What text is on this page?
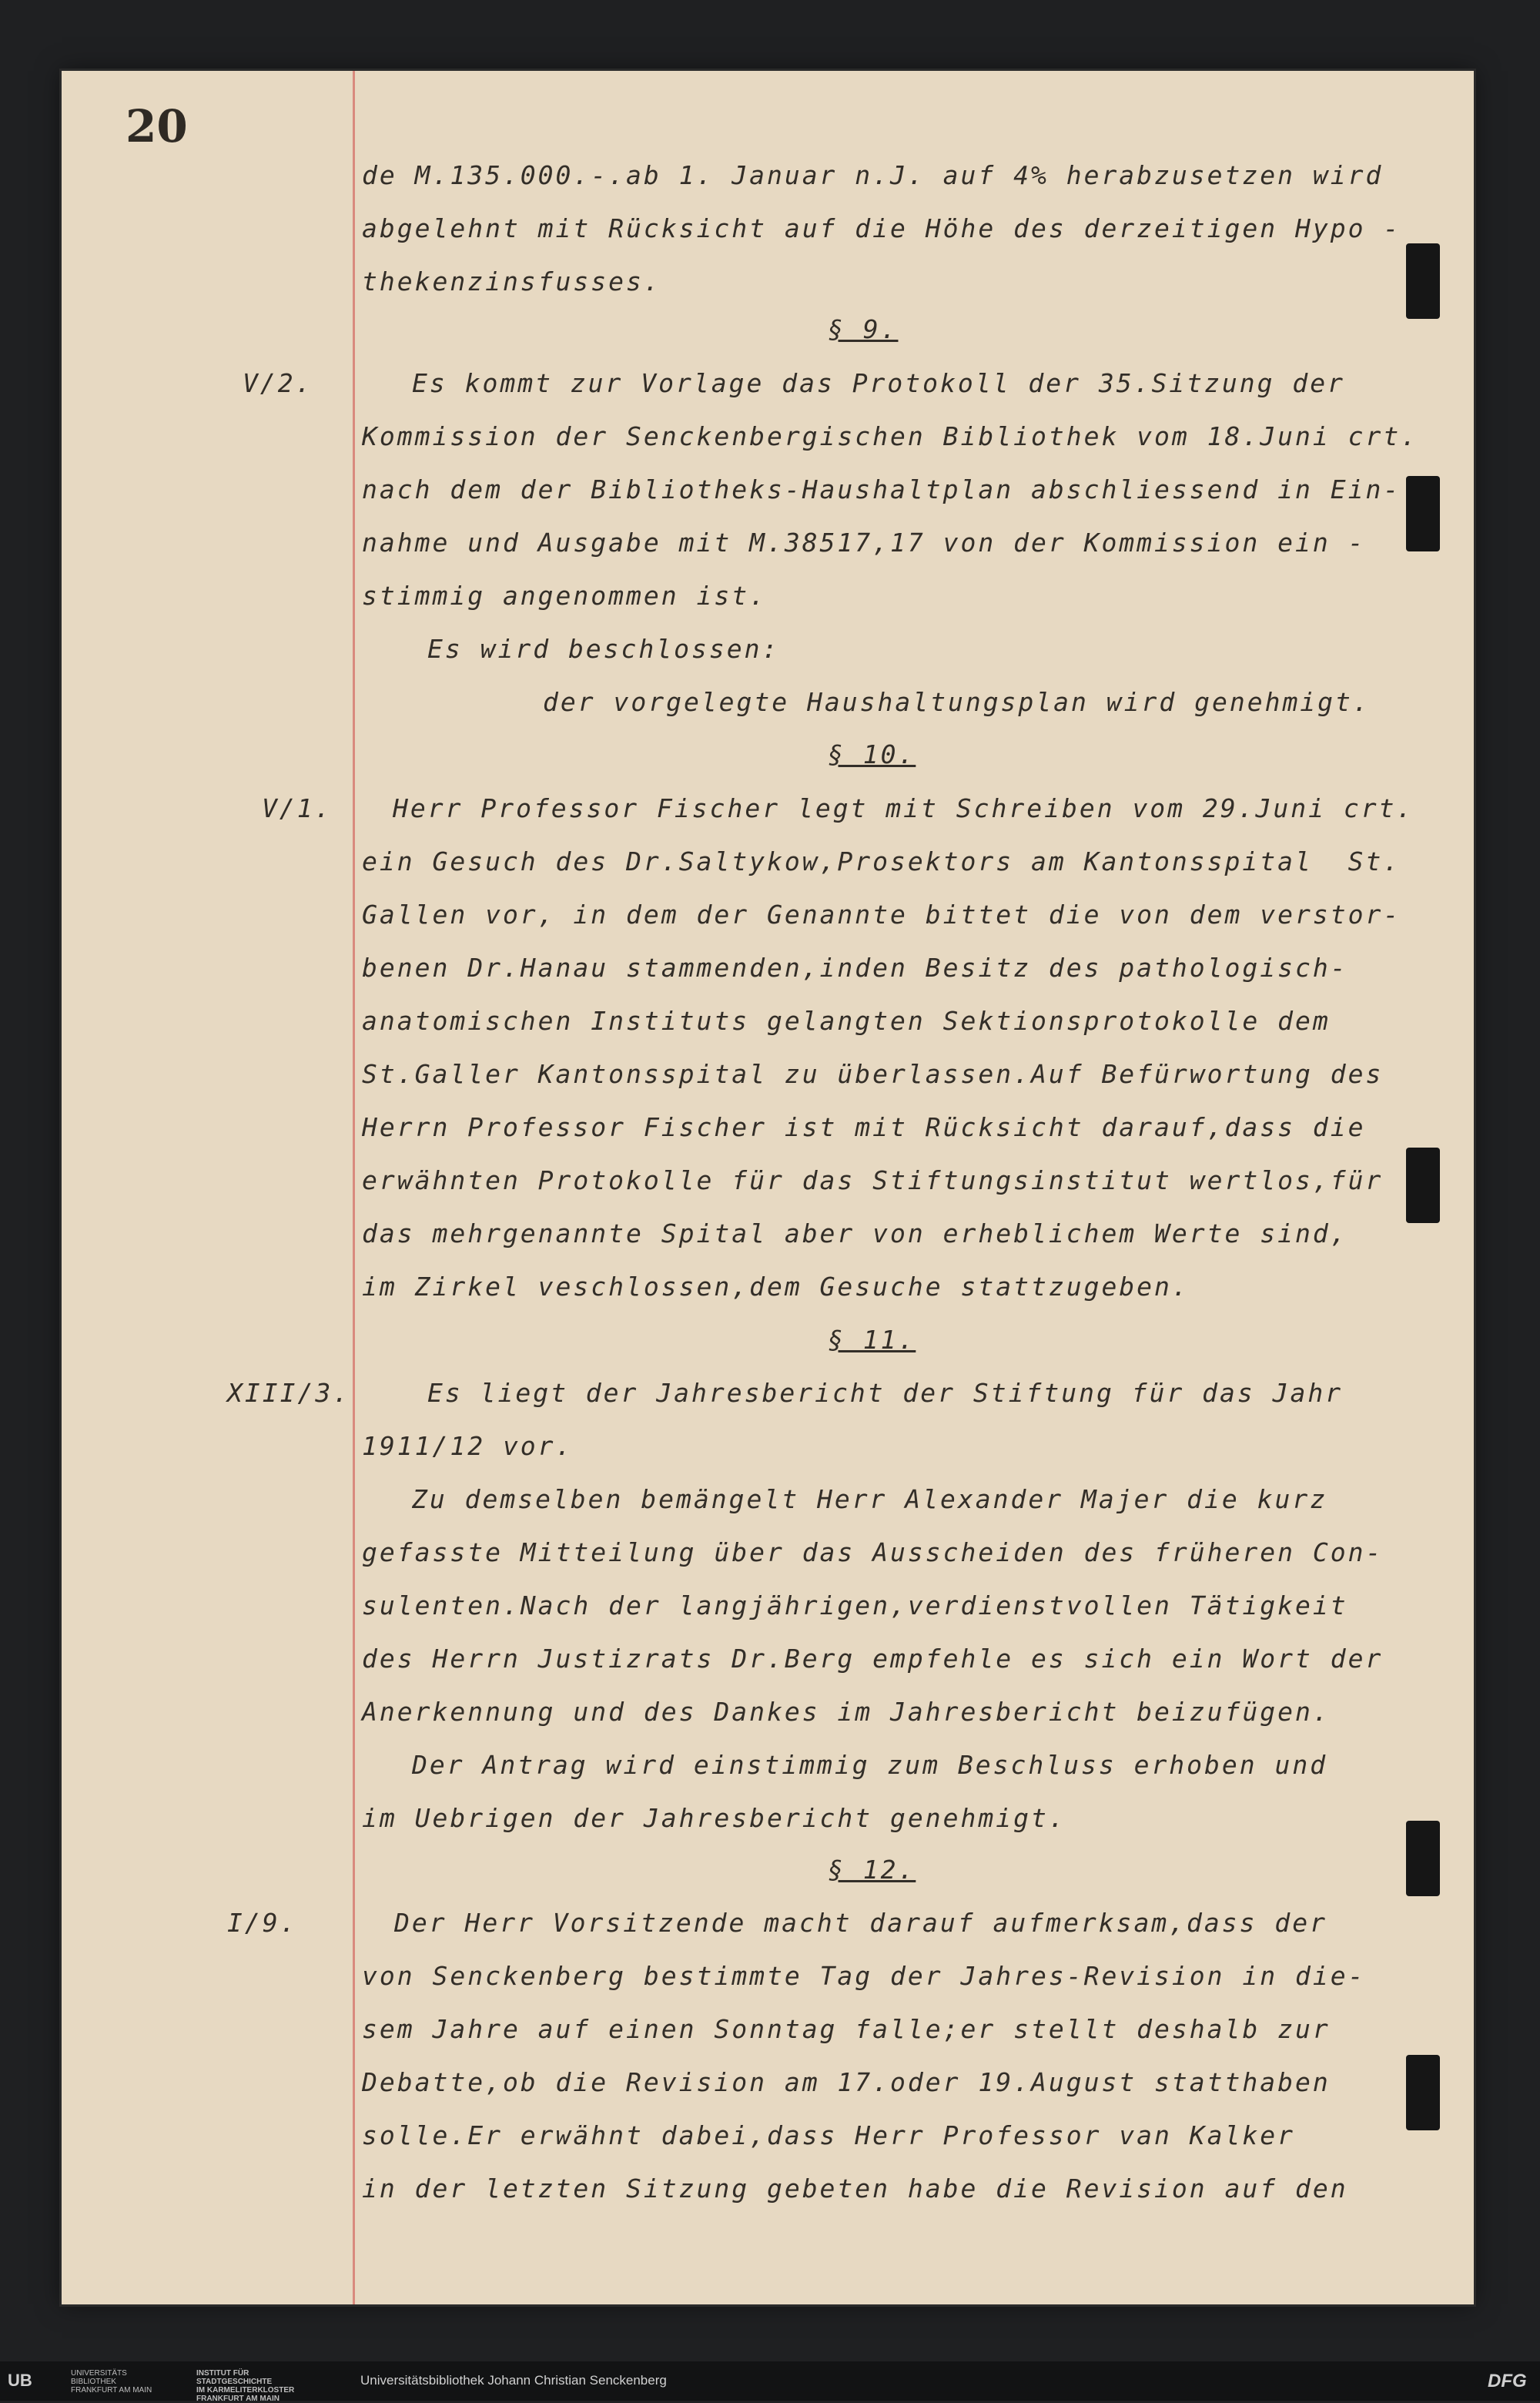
20
V/2.
V/1.
XIII/3.
I/9.
§ 9.
§ 10.
§ 11.
§ 12.
de M.135.000.-.ab 1. Januar n.J. auf 4% herabzusetzen wird
abgelehnt mit Rücksicht auf die Höhe des derzeitigen Hypo -
thekenzinsfusses.
Es kommt zur Vorlage das Protokoll der 35.Sitzung der
Kommission der Senckenbergischen Bibliothek vom 18.Juni crt.
nach dem der Bibliotheks-Haushaltplan abschliessend in Ein-
nahme und Ausgabe mit M.38517,17 von der Kommission ein -
stimmig angenommen ist.
Es wird beschlossen:
der vorgelegte Haushaltungsplan wird genehmigt.
Herr Professor Fischer legt mit Schreiben vom 29.Juni crt.
ein Gesuch des Dr.Saltykow,Prosektors am Kantonsspital  St.
Gallen vor, in dem der Genannte bittet die von dem verstor-
benen Dr.Hanau stammenden,inden Besitz des pathologisch-
anatomischen Instituts gelangten Sektionsprotokolle dem
St.Galler Kantonsspital zu überlassen.Auf Befürwortung des
Herrn Professor Fischer ist mit Rücksicht darauf,dass die
erwähnten Protokolle für das Stiftungsinstitut wertlos,für
das mehrgenannte Spital aber von erheblichem Werte sind,
im Zirkel veschlossen,dem Gesuche stattzugeben.
Es liegt der Jahresbericht der Stiftung für das Jahr
1911/12 vor.
Zu demselben bemängelt Herr Alexander Majer die kurz
gefasste Mitteilung über das Ausscheiden des früheren Con-
sulenten.Nach der langjährigen,verdienstvollen Tätigkeit
des Herrn Justizrats Dr.Berg empfehle es sich ein Wort der
Anerkennung und des Dankes im Jahresbericht beizufügen.
Der Antrag wird einstimmig zum Beschluss erhoben und
im Uebrigen der Jahresbericht genehmigt.
Der Herr Vorsitzende macht darauf aufmerksam,dass der
von Senckenberg bestimmte Tag der Jahres-Revision in die-
sem Jahre auf einen Sonntag falle;er stellt deshalb zur
Debatte,ob die Revision am 17.oder 19.August statthaben
solle.Er erwähnt dabei,dass Herr Professor van Kalker
in der letzten Sitzung gebeten habe die Revision auf den
UB	UNIVERSITÄTS
BIBLIOTHEK
FRANKFURT AM MAIN
INSTITUT FÜR
STADTGESCHICHTE
IM KARMELITERKLOSTER
FRANKFURT AM MAIN
Universitätsbibliothek Johann Christian Senckenberg	DFG
